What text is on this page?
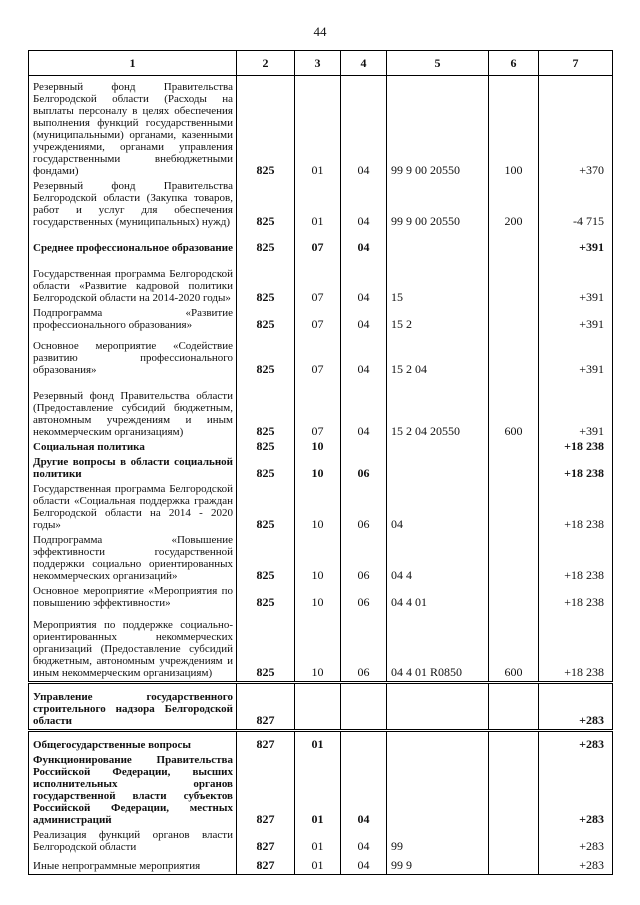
44
1	2	3	4	5	6	7
Резервный фонд Правительства Белгородской области (Расходы на выплаты персоналу в целях обеспечения выполнения функций государственными (муниципальными) органами, казенными учреждениями, органами управления государственными внебюджетными фондами)	825	01	04	99 9 00 20550	100	+370
Резервный фонд Правительства Белгородской области (Закупка товаров, работ и услуг для обеспечения государственных (муниципальных) нужд)	825	01	04	99 9 00 20550	200	-4 715
Среднее профессиональное образование	825	07	04			+391
Государственная программа Белгородской области «Развитие кадровой политики Белгородской области на 2014-2020 годы»	825	07	04	15		+391
Подпрограмма «Развитие профессионального образования»	825	07	04	15 2		+391
Основное мероприятие «Содействие развитию профессионального образования»	825	07	04	15 2 04		+391
Резервный фонд Правительства области (Предоставление субсидий бюджетным, автономным учреждениям и иным некоммерческим организациям)	825	07	04	15 2 04 20550	600	+391
Социальная политика	825	10				+18 238
Другие вопросы в области социальной политики	825	10	06			+18 238
Государственная программа Белгородской области «Социальная поддержка граждан Белгородской области на 2014 - 2020 годы»	825	10	06	04		+18 238
Подпрограмма «Повышение эффективности государственной поддержки социально ориентированных некоммерческих организаций»	825	10	06	04 4		+18 238
Основное мероприятие «Мероприятия по повышению эффективности»	825	10	06	04 4 01		+18 238
Мероприятия по поддержке социально-ориентированных некоммерческих организаций (Предоставление субсидий бюджетным, автономным учреждениям и иным некоммерческим организациям)	825	10	06	04 4 01 R0850	600	+18 238
Управление государственного строительного надзора Белгородской области	827					+283
Общегосударственные вопросы	827	01				+283
Функционирование Правительства Российской Федерации, высших исполнительных органов государственной власти субъектов Российской Федерации, местных администраций	827	01	04			+283
Реализация функций органов власти Белгородской области	827	01	04	99		+283
Иные непрограммные мероприятия	827	01	04	99 9		+283
